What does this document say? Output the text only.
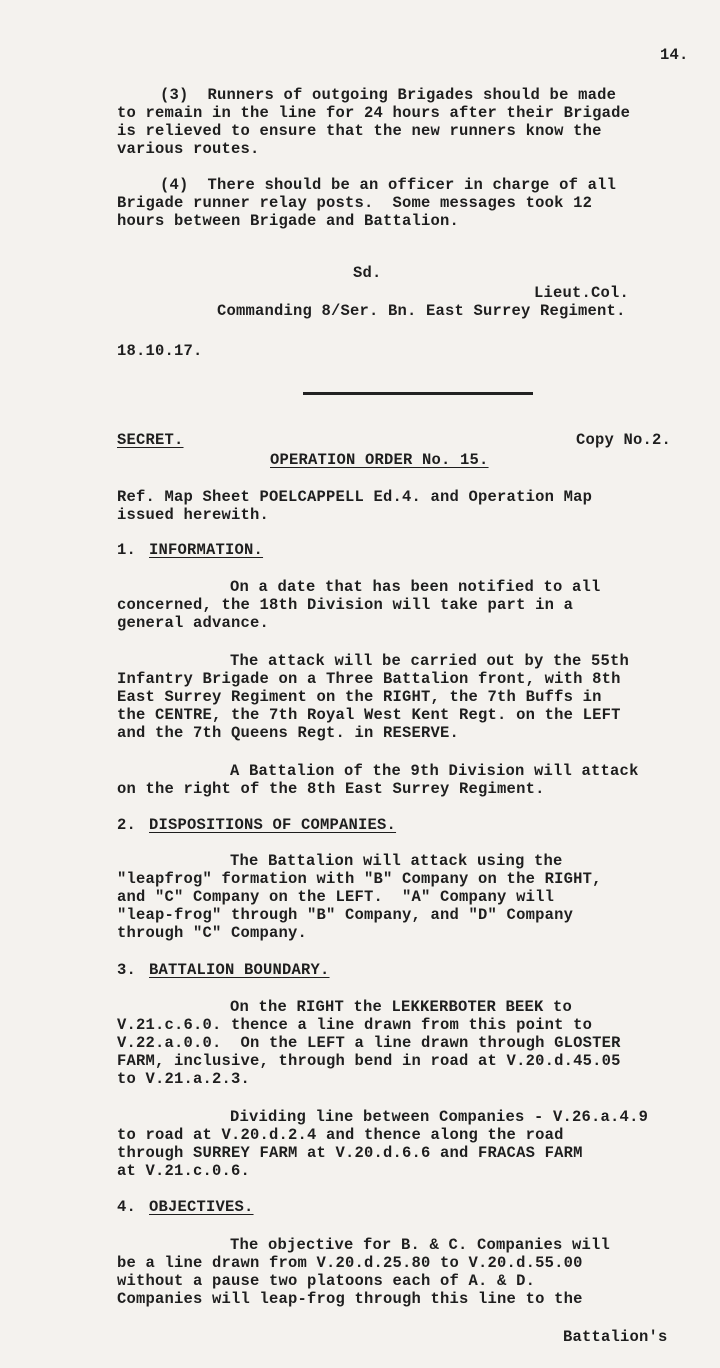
14.
(3)  Runners of outgoing Brigades should be made
to remain in the line for 24 hours after their Brigade
is relieved to ensure that the new runners know the
various routes.
(4)  There should be an officer in charge of all
Brigade runner relay posts.  Some messages took 12
hours between Brigade and Battalion.
Sd.
Lieut.Col.
Commanding 8/Ser. Bn. East Surrey Regiment.
18.10.17.
SECRET.	Copy No.2.
OPERATION ORDER No. 15.
Ref. Map Sheet POELCAPPELL Ed.4. and Operation Map
issued herewith.
1. INFORMATION.
On a date that has been notified to all
concerned, the 18th Division will take part in a
general advance.
The attack will be carried out by the 55th
Infantry Brigade on a Three Battalion front, with 8th
East Surrey Regiment on the RIGHT, the 7th Buffs in
the CENTRE, the 7th Royal West Kent Regt. on the LEFT
and the 7th Queens Regt. in RESERVE.
A Battalion of the 9th Division will attack
on the right of the 8th East Surrey Regiment.
2. DISPOSITIONS OF COMPANIES.
The Battalion will attack using the
"leapfrog" formation with "B" Company on the RIGHT,
and "C" Company on the LEFT.  "A" Company will
"leap-frog" through "B" Company, and "D" Company
through "C" Company.
3. BATTALION BOUNDARY.
On the RIGHT the LEKKERBOTER BEEK to
V.21.c.6.0. thence a line drawn from this point to
V.22.a.0.0.  On the LEFT a line drawn through GLOSTER
FARM, inclusive, through bend in road at V.20.d.45.05
to V.21.a.2.3.
Dividing line between Companies - V.26.a.4.9
to road at V.20.d.2.4 and thence along the road
through SURREY FARM at V.20.d.6.6 and FRACAS FARM
at V.21.c.0.6.
4. OBJECTIVES.
The objective for B. & C. Companies will
be a line drawn from V.20.d.25.80 to V.20.d.55.00
without a pause two platoons each of A. & D.
Companies will leap-frog through this line to the
Battalion's
